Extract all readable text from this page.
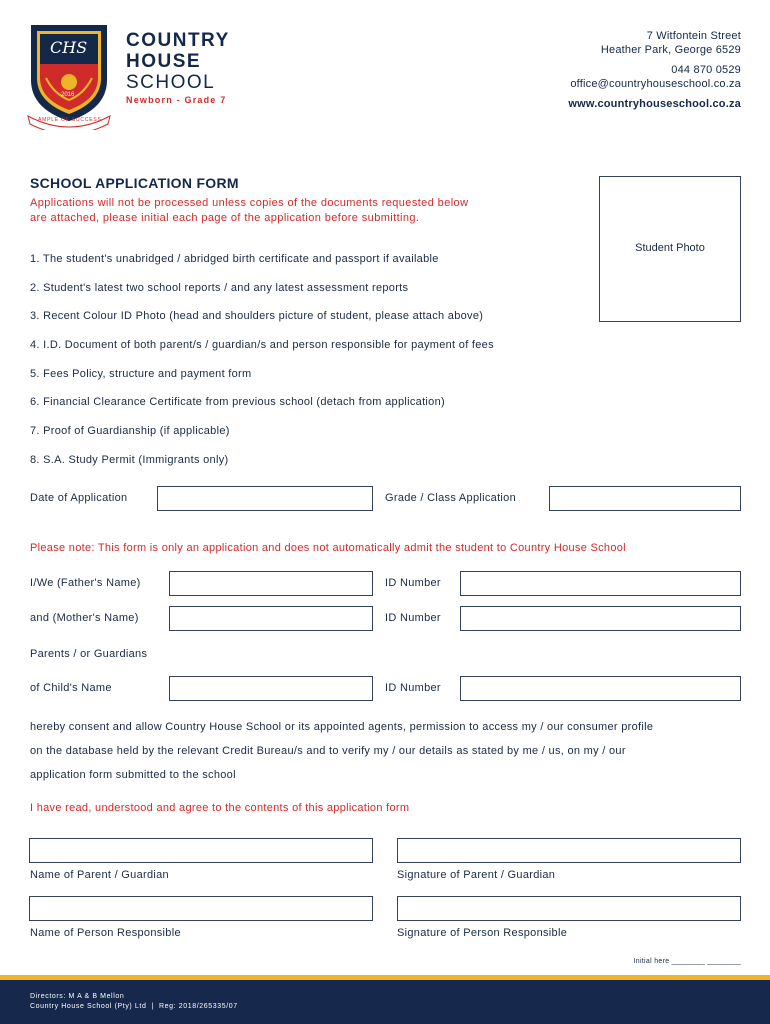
CHS
2016
AMPLE OF SUCCESS
COUNTRY
HOUSE
SCHOOL
Newborn - Grade 7
7 Witfontein Street
Heather Park, George 6529
044 870 0529
office@countryhouseschool.co.za
www.countryhouseschool.co.za
SCHOOL APPLICATION FORM
Applications will not be processed unless copies of the documents requested below
are attached, please initial each page of the application before submitting.
Student Photo
1. The student's unabridged / abridged birth certificate and passport if available
2. Student's latest two school reports / and any latest assessment reports
3. Recent Colour ID Photo (head and shoulders picture of student, please attach above)
4. I.D. Document of both parent/s / guardian/s and person responsible for payment of fees
5. Fees Policy, structure and payment form
6. Financial Clearance Certificate from previous school (detach from application)
7. Proof of Guardianship (if applicable)
8. S.A. Study Permit (Immigrants only)
Date of Application	Grade / Class Application
Please note: This form is only an application and does not automatically admit the student to Country House School
I/We (Father's Name)	ID Number
and (Mother's Name)	ID Number
Parents / or Guardians
of Child's Name	ID Number
hereby consent and allow Country House School or its appointed agents, permission to access my / our consumer profile
on the database held by the relevant Credit Bureau/s and to verify my / our details as stated by me / us, on my / our
application form submitted to the school
I have read, understood and agree to the contents of this application form
Name of Parent / Guardian	Signature of Parent / Guardian
Name of Person Responsible	Signature of Person Responsible
Initial here ________ ________
Directors: M A & B Mellon
Country House School (Pty) Ltd  |  Reg: 2018/265335/07
